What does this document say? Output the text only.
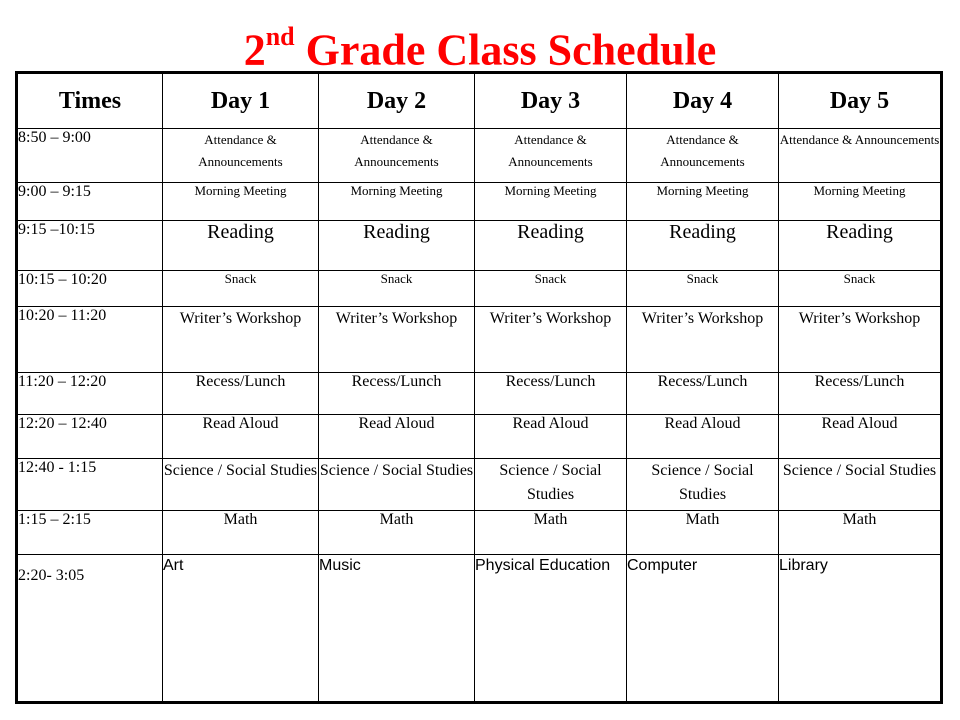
2nd Grade Class Schedule
Times	Day 1	Day 2	Day 3	Day 4	Day 5
8:50 – 9:00	Attendance & Announcements	Attendance & Announcements	Attendance & Announcements	Attendance & Announcements	Attendance & Announcements
9:00 – 9:15	Morning Meeting	Morning Meeting	Morning Meeting	Morning Meeting	Morning Meeting
9:15 –10:15	Reading	Reading	Reading	Reading	Reading
10:15 – 10:20	Snack	Snack	Snack	Snack	Snack
10:20 – 11:20	Writer’s Workshop	Writer’s Workshop	Writer’s Workshop	Writer’s Workshop	Writer’s Workshop
11:20 – 12:20	Recess/Lunch	Recess/Lunch	Recess/Lunch	Recess/Lunch	Recess/Lunch
12:20 – 12:40	Read Aloud	Read Aloud	Read Aloud	Read Aloud	Read Aloud
12:40 - 1:15	Science / Social Studies	Science / Social Studies	Science / Social Studies	Science / Social Studies	Science / Social Studies
1:15 – 2:15	Math	Math	Math	Math	Math
2:20- 3:05	Art	Music	Physical Education	Computer	Library
